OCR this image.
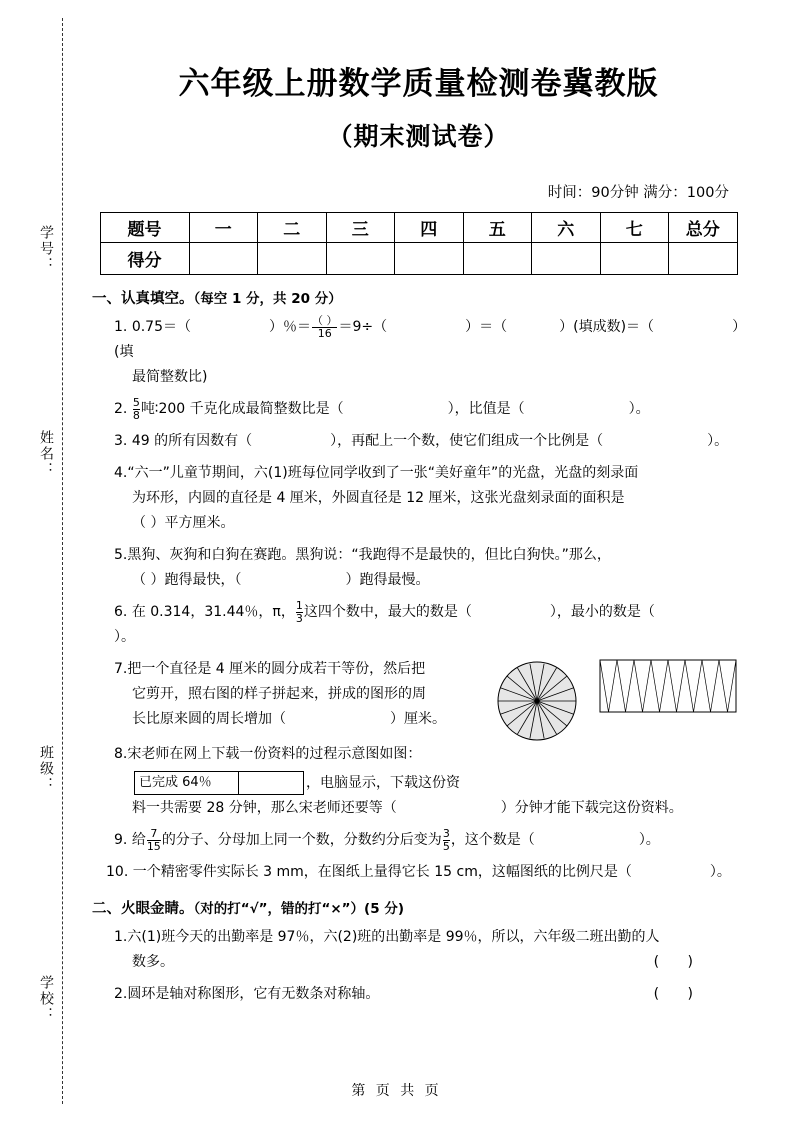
学号：
姓名：
班级：
学校：
六年级上册数学质量检测卷冀教版
（期末测试卷）
时间：90分钟 满分：100分
题号	一	二	三	四	五	六	七	总分
得分								
一、认真填空。（每空 1 分，共 20 分）
1. 0.75＝（	）％$=\frac{( )}{16} =9\div$（	）＝（	）(填成数)＝（	）(填
最简整数比)
2. $\frac{5}{8}$ 吨∶200 千克化成最简整数比是（	），比值是（	）。
3. 49 的所有因数有（	），再配上一个数，使它们组成一个比例是（	）。
4.“六一”儿童节期间，六(1)班每位同学收到了一张“美好童年”的光盘，光盘的刻录面
为环形，内圆的直径是 4 厘米，外圆直径是 12 厘米，这张光盘刻录面的面积是
（ ）平方厘米。
5.黑狗、灰狗和白狗在赛跑。黑狗说：“我跑得不是最快的，但比白狗快。”那么，
（ ）跑得最快，（	）跑得最慢。
6. 在 0.314，31.44％，π，$\frac{1}{3}$ 这四个数中，最大的数是（	），最小的数是（）。
7.把一个直径是 4 厘米的圆分成若干等份，然后把
它剪开，照右图的样子拼起来，拼成的图形的周
长比原来圆的周长增加（	）厘米。

8.宋老师在网上下载一份资料的过程示意图如图：
已完成 64％	，电脑显示，下载这份资
料一共需要 28 分钟，那么宋老师还要等（	）分钟才能下载完这份资料。
9. 给$\frac{7}{15}$ 的分子、分母加上同一个数，分数约分后变为$\frac{3}{5}$ ，这个数是（	）。
10. 一个精密零件实际长 3 mm，在图纸上量得它长 15 cm，这幅图纸的比例尺是（	）。
二、火眼金睛。（对的打“√”，错的打“×”）(5 分)
1.六(1)班今天的出勤率是 97％，六(2)班的出勤率是 99％，所以，六年级二班出勤的人
数多。	( )
2.圆环是轴对称图形，它有无数条对称轴。	( )
第 页 共 页
